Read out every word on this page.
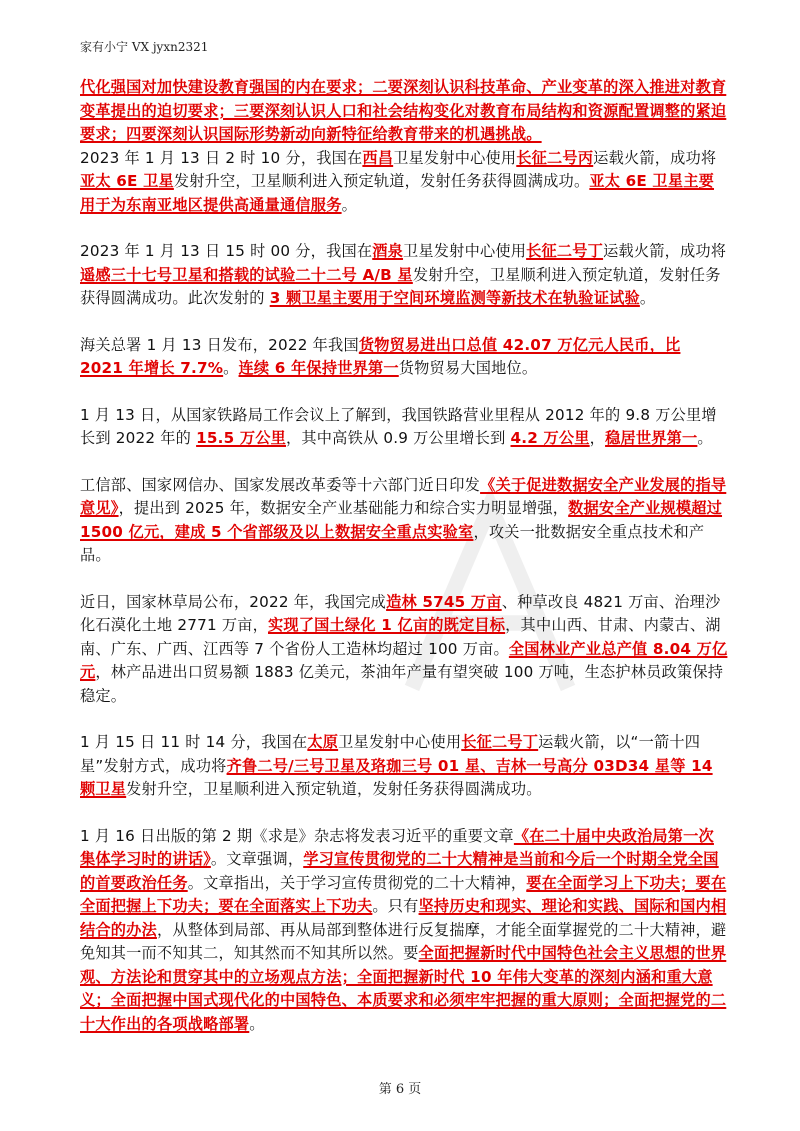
家有小宁 VX jyxn2321

代化强国对加快建设教育强国的内在要求；二要深刻认识科技革命、产业变革的深入推进对教育变革提出的迫切要求；三要深刻认识人口和社会结构变化对教育布局结构和资源配置调整的紧迫要求；四要深刻认识国际形势新动向新特征给教育带来的机遇挑战。

2023 年 1 月 13 日 2 时 10 分，我国在西昌卫星发射中心使用长征二号丙运载火箭，成功将亚太 6E 卫星发射升空，卫星顺利进入预定轨道，发射任务获得圆满成功。亚太 6E 卫星主要用于为东南亚地区提供高通量通信服务。

2023 年 1 月 13 日 15 时 00 分，我国在酒泉卫星发射中心使用长征二号丁运载火箭，成功将遥感三十七号卫星和搭载的试验二十二号 A/B 星发射升空，卫星顺利进入预定轨道，发射任务获得圆满成功。此次发射的 3 颗卫星主要用于空间环境监测等新技术在轨验证试验。

海关总署 1 月 13 日发布，2022 年我国货物贸易进出口总值 42.07 万亿元人民币，比 2021 年增长 7.7%。连续 6 年保持世界第一货物贸易大国地位。

1 月 13 日，从国家铁路局工作会议上了解到，我国铁路营业里程从 2012 年的 9.8 万公里增长到 2022 年的 15.5 万公里，其中高铁从 0.9 万公里增长到 4.2 万公里，稳居世界第一。

工信部、国家网信办、国家发展改革委等十六部门近日印发《关于促进数据安全产业发展的指导意见》，提出到 2025 年，数据安全产业基础能力和综合实力明显增强，数据安全产业规模超过 1500 亿元，建成 5 个省部级及以上数据安全重点实验室，攻关一批数据安全重点技术和产品。

近日，国家林草局公布，2022 年，我国完成造林 5745 万亩、种草改良 4821 万亩、治理沙化石漠化土地 2771 万亩，实现了国土绿化 1 亿亩的既定目标，其中山西、甘肃、内蒙古、湖南、广东、广西、江西等 7 个省份人工造林均超过 100 万亩。全国林业产业总产值 8.04 万亿元，林产品进出口贸易额 1883 亿美元，茶油年产量有望突破 100 万吨，生态护林员政策保持稳定。

1 月 15 日 11 时 14 分，我国在太原卫星发射中心使用长征二号丁运载火箭，以“一箭十四星”发射方式，成功将齐鲁二号/三号卫星及珞珈三号 01 星、吉林一号高分 03D34 星等 14 颗卫星发射升空，卫星顺利进入预定轨道，发射任务获得圆满成功。

1 月 16 日出版的第 2 期《求是》杂志将发表习近平的重要文章《在二十届中央政治局第一次集体学习时的讲话》。文章强调，学习宣传贯彻党的二十大精神是当前和今后一个时期全党全国的首要政治任务。文章指出，关于学习宣传贯彻党的二十大精神，要在全面学习上下功夫；要在全面把握上下功夫；要在全面落实上下功夫。只有坚持历史和现实、理论和实践、国际和国内相结合的办法，从整体到局部、再从局部到整体进行反复揣摩，才能全面掌握党的二十大精神，避免知其一而不知其二，知其然而不知其所以然。要全面把握新时代中国特色社会主义思想的世界观、方法论和贯穿其中的立场观点方法；全面把握新时代 10 年伟大变革的深刻内涵和重大意义；全面把握中国式现代化的中国特色、本质要求和必须牢牢把握的重大原则；全面把握党的二十大作出的各项战略部署。

第 6 页
